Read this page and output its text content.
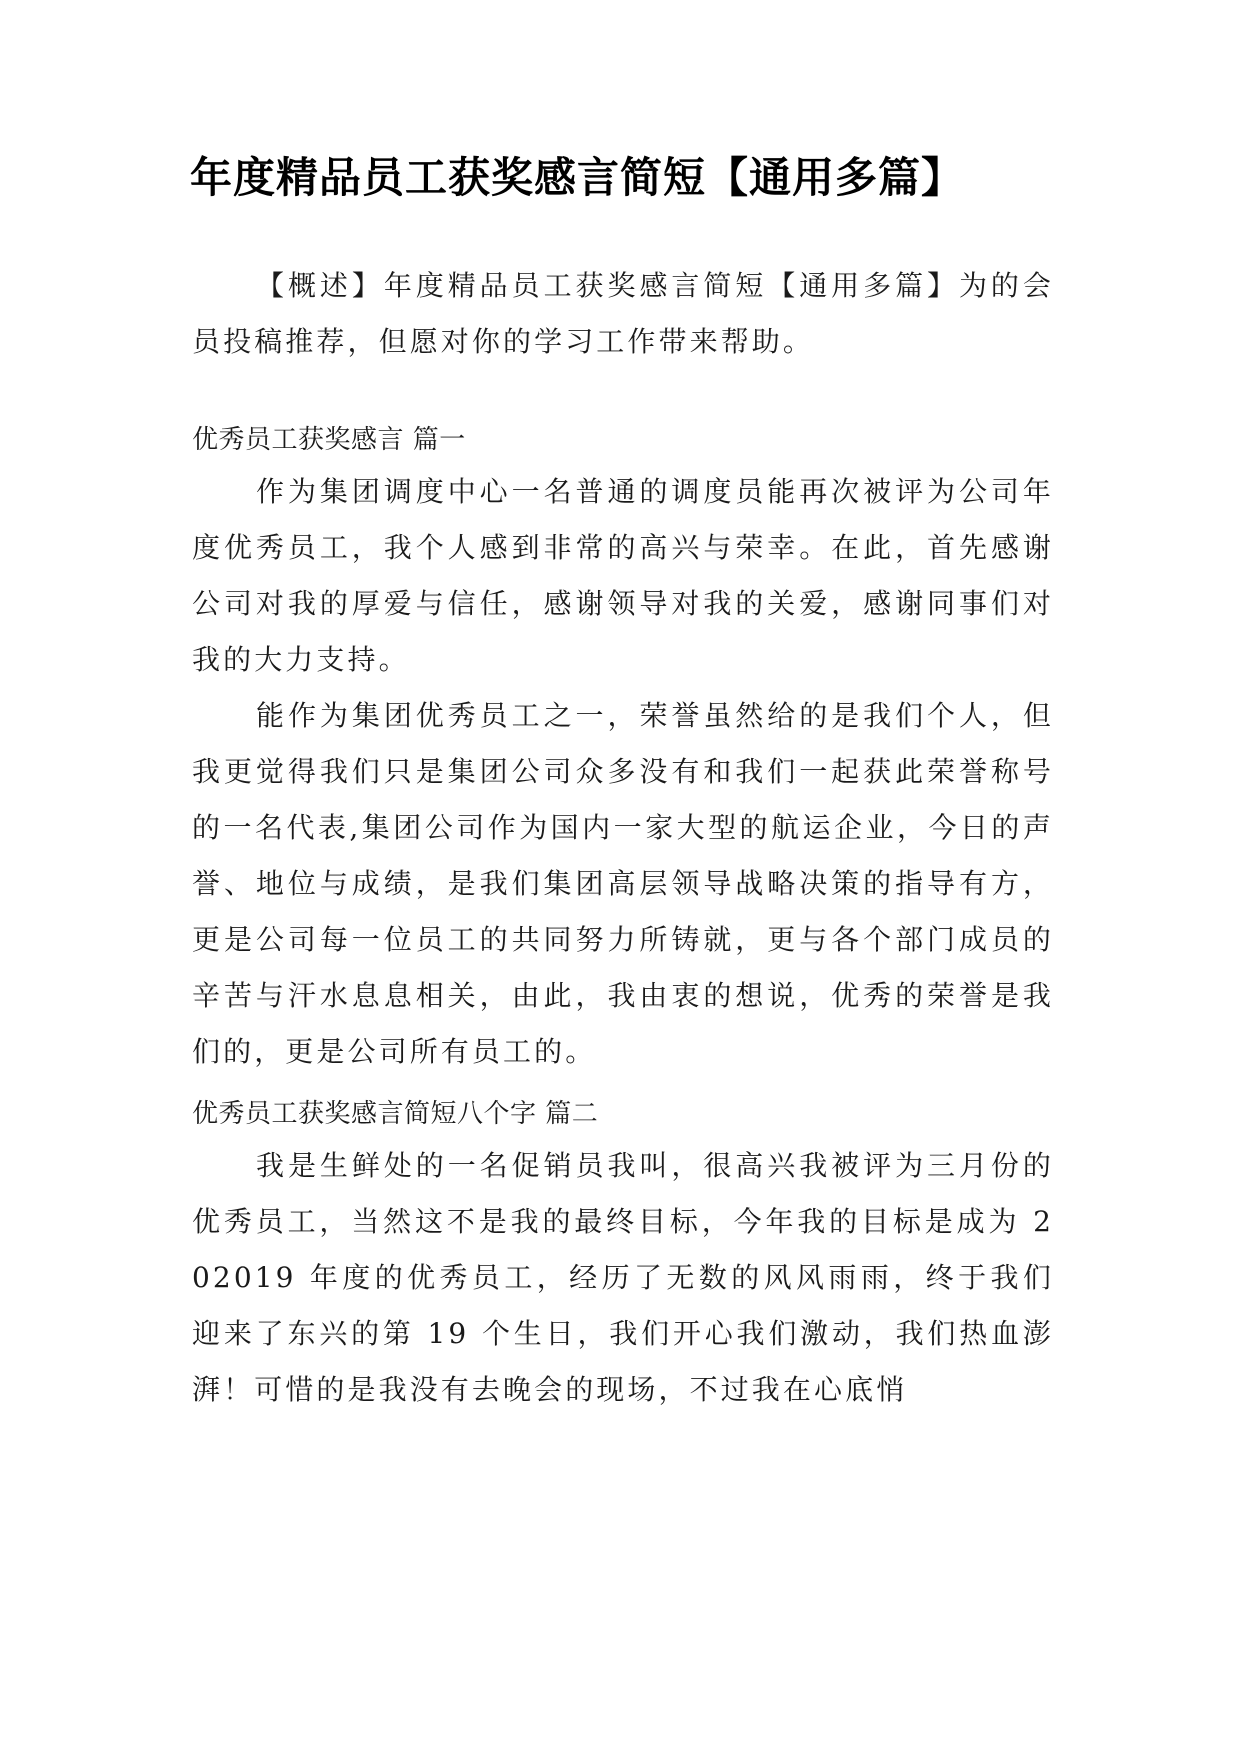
年度精品员工获奖感言简短【通用多篇】

【概述】年度精品员工获奖感言简短【通用多篇】为的会员投稿推荐，但愿对你的学习工作带来帮助。

优秀员工获奖感言 篇一

作为集团调度中心一名普通的调度员能再次被评为公司年度优秀员工，我个人感到非常的高兴与荣幸。在此，首先感谢公司对我的厚爱与信任，感谢领导对我的关爱，感谢同事们对我的大力支持。

能作为集团优秀员工之一，荣誉虽然给的是我们个人，但我更觉得我们只是集团公司众多没有和我们一起获此荣誉称号的一名代表,集团公司作为国内一家大型的航运企业，今日的声誉、地位与成绩，是我们集团高层领导战略决策的指导有方，更是公司每一位员工的共同努力所铸就，更与各个部门成员的辛苦与汗水息息相关，由此，我由衷的想说，优秀的荣誉是我们的，更是公司所有员工的。

优秀员工获奖感言简短八个字 篇二

我是生鲜处的一名促销员我叫，很高兴我被评为三月份的优秀员工，当然这不是我的最终目标，今年我的目标是成为 202019 年度的优秀员工，经历了无数的风风雨雨，终于我们迎来了东兴的第 19 个生日，我们开心我们激动，我们热血澎湃！可惜的是我没有去晚会的现场，不过我在心底悄
